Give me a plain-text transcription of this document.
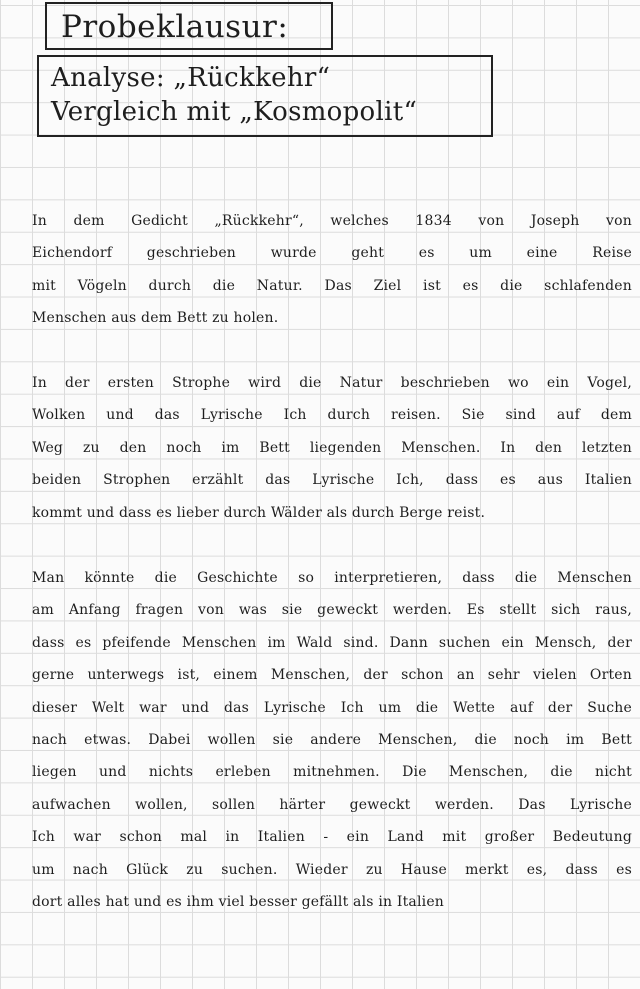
Probeklausur:
Analyse: „Rückkehr“
Vergleich mit „Kosmopolit“
In dem Gedicht „Rückkehr“, welches 1834 von Joseph von
Eichendorf geschrieben wurde geht es um eine Reise
mit Vögeln durch die Natur. Das Ziel ist es die schlafenden
Menschen aus dem Bett zu holen.
In der ersten Strophe wird die Natur beschrieben wo ein Vogel,
Wolken und das Lyrische Ich durch reisen. Sie sind auf dem
Weg zu den noch im Bett liegenden Menschen. In den letzten
beiden Strophen erzählt das Lyrische Ich, dass es aus Italien
kommt und dass es lieber durch Wälder als durch Berge reist.
Man könnte die Geschichte so interpretieren, dass die Menschen
am Anfang fragen von was sie geweckt werden. Es stellt sich raus,
dass es pfeifende Menschen im Wald sind. Dann suchen ein Mensch, der
gerne unterwegs ist, einem Menschen, der schon an sehr vielen Orten
dieser Welt war und das Lyrische Ich um die Wette auf der Suche
nach etwas. Dabei wollen sie andere Menschen, die noch im Bett
liegen und nichts erleben mitnehmen. Die Menschen, die nicht
aufwachen wollen, sollen härter geweckt werden. Das Lyrische
Ich war schon mal in Italien - ein Land mit großer Bedeutung
um nach Glück zu suchen. Wieder zu Hause merkt es, dass es
dort alles hat und es ihm viel besser gefällt als in Italien
